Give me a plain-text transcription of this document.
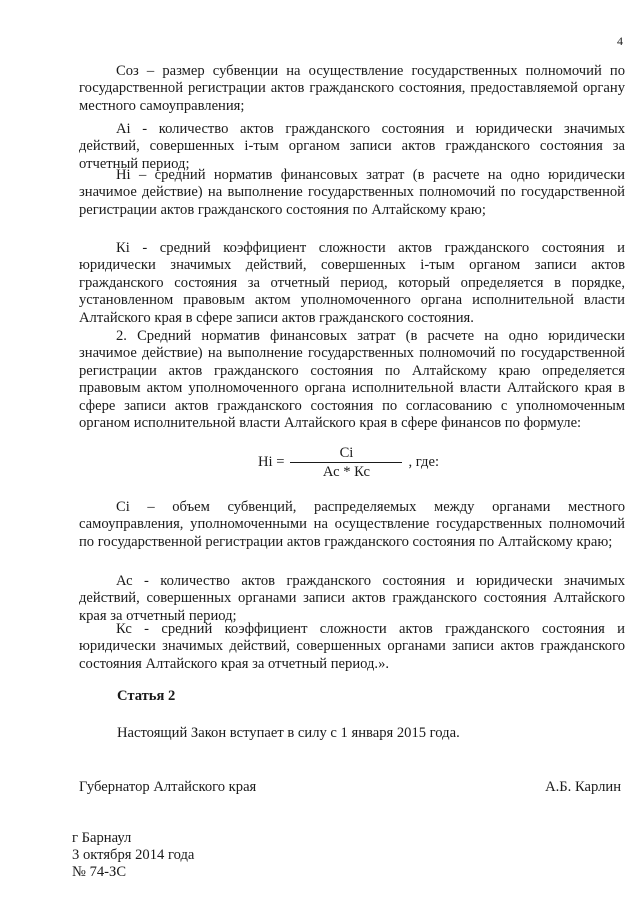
4

Сᴏз – размер субвенции на осуществление государственных полномочий по государственной регистрации актов гражданского состояния, предоставляемой органу местного самоуправления;

Аi - количество актов гражданского состояния и юридически значимых действий, совершенных i-тым органом записи актов гражданского состояния за отчетный период;

Нi – средний норматив финансовых затрат (в расчете на одно юридически значимое действие) на выполнение государственных полномочий по государственной регистрации актов гражданского состояния по Алтайскому краю;

Кi - средний коэффициент сложности актов гражданского состояния и юридически значимых действий, совершенных i-тым органом записи актов гражданского состояния за отчетный период, который определяется в порядке, установленном правовым актом уполномоченного органа исполнительной власти Алтайского края в сфере записи актов гражданского состояния.

2. Средний норматив финансовых затрат (в расчете на одно юридически значимое действие) на выполнение государственных полномочий по государственной регистрации актов гражданского состояния по Алтайскому краю определяется правовым актом уполномоченного органа исполнительной власти Алтайского края в сфере записи актов гражданского состояния по согласованию с уполномоченным органом исполнительной власти Алтайского края в сфере финансов по формуле:

Нi = $\frac{Сi}{Ас * Кс}$ , где:

Сi – объем субвенций, распределяемых между органами местного самоуправления, уполномоченными на осуществление государственных полномочий по государственной регистрации актов гражданского состояния по Алтайскому краю;

Ас - количество актов гражданского состояния и юридически значимых действий, совершенных органами записи актов гражданского состояния Алтайского края за отчетный период;

Кс - средний коэффициент сложности актов гражданского состояния и юридически значимых действий, совершенных органами записи актов гражданского состояния Алтайского края за отчетный период.».

Статья 2
Настоящий Закон вступает в силу с 1 января 2015 года.
Губернатор Алтайского края	А.Б. Карлин
г Барнаул
3 октября 2014 года
№ 74-ЗС
